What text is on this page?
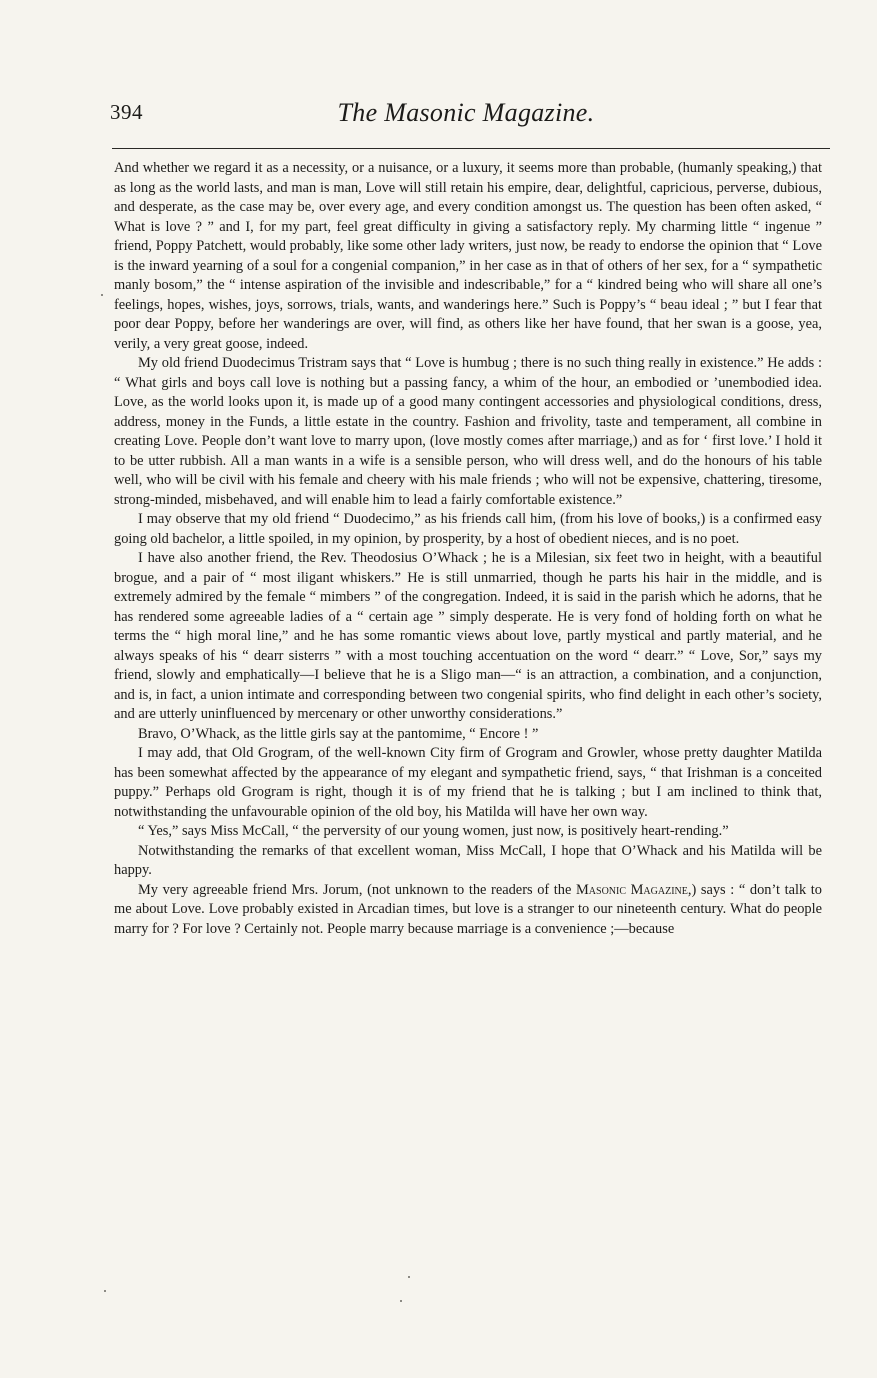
394	The Masonic Magazine.

And whether we regard it as a necessity, or a nuisance, or a luxury, it seems more than probable, (humanly speaking,) that as long as the world lasts, and man is man, Love will still retain his empire, dear, delightful, capricious, perverse, dubious, and desperate, as the case may be, over every age, and every condition amongst us. The question has been often asked, “ What is love ? ” and I, for my part, feel great difficulty in giving a satisfactory reply. My charming little “ ingenue ” friend, Poppy Patchett, would probably, like some other lady writers, just now, be ready to endorse the opinion that “ Love is the inward yearning of a soul for a congenial companion,” in her case as in that of others of her sex, for a “ sympathetic manly bosom,” the “ intense aspiration of the invisible and indescribable,” for a “ kindred being who will share all one’s feelings, hopes, wishes, joys, sorrows, trials, wants, and wanderings here.” Such is Poppy’s “ beau ideal ; ” but I fear that poor dear Poppy, before her wanderings are over, will find, as others like her have found, that her swan is a goose, yea, verily, a very great goose, indeed.

My old friend Duodecimus Tristram says that “ Love is humbug ; there is no such thing really in existence.” He adds : “ What girls and boys call love is nothing but a passing fancy, a whim of the hour, an embodied or ’unembodied idea. Love, as the world looks upon it, is made up of a good many contingent accessories and physiological conditions, dress, address, money in the Funds, a little estate in the country. Fashion and frivolity, taste and temperament, all combine in creating Love. People don’t want love to marry upon, (love mostly comes after marriage,) and as for ‘ first love.’ I hold it to be utter rubbish. All a man wants in a wife is a sensible person, who will dress well, and do the honours of his table well, who will be civil with his female and cheery with his male friends ; who will not be expensive, chattering, tiresome, strong-minded, misbehaved, and will enable him to lead a fairly comfortable existence.”

I may observe that my old friend “ Duodecimo,” as his friends call him, (from his love of books,) is a confirmed easy going old bachelor, a little spoiled, in my opinion, by prosperity, by a host of obedient nieces, and is no poet.

I have also another friend, the Rev. Theodosius O’Whack ; he is a Milesian, six feet two in height, with a beautiful brogue, and a pair of “ most iligant whiskers.” He is still unmarried, though he parts his hair in the middle, and is extremely admired by the female “ mimbers ” of the congregation. Indeed, it is said in the parish which he adorns, that he has rendered some agreeable ladies of a “ certain age ” simply desperate. He is very fond of holding forth on what he terms the “ high moral line,” and he has some romantic views about love, partly mystical and partly material, and he always speaks of his “ dearr sisterrs ” with a most touching accentuation on the word “ dearr.” “ Love, Sor,” says my friend, slowly and emphatically—I believe that he is a Sligo man—“ is an attraction, a combination, and a conjunction, and is, in fact, a union intimate and corresponding between two congenial spirits, who find delight in each other’s society, and are utterly uninfluenced by mercenary or other unworthy considerations.”

Bravo, O’Whack, as the little girls say at the pantomime, “ Encore ! ”

I may add, that Old Grogram, of the well-known City firm of Grogram and Growler, whose pretty daughter Matilda has been somewhat affected by the appearance of my elegant and sympathetic friend, says, “ that Irishman is a conceited puppy.” Perhaps old Grogram is right, though it is of my friend that he is talking ; but I am inclined to think that, notwithstanding the unfavourable opinion of the old boy, his Matilda will have her own way.

“ Yes,” says Miss McCall, “ the perversity of our young women, just now, is positively heart-rending.”

Notwithstanding the remarks of that excellent woman, Miss McCall, I hope that O’Whack and his Matilda will be happy.

My very agreeable friend Mrs. Jorum, (not unknown to the readers of the Masonic Magazine,) says : “ don’t talk to me about Love. Love probably existed in Arcadian times, but love is a stranger to our nineteenth century. What do people marry for ? For love ? Certainly not. People marry because marriage is a convenience ;—because
